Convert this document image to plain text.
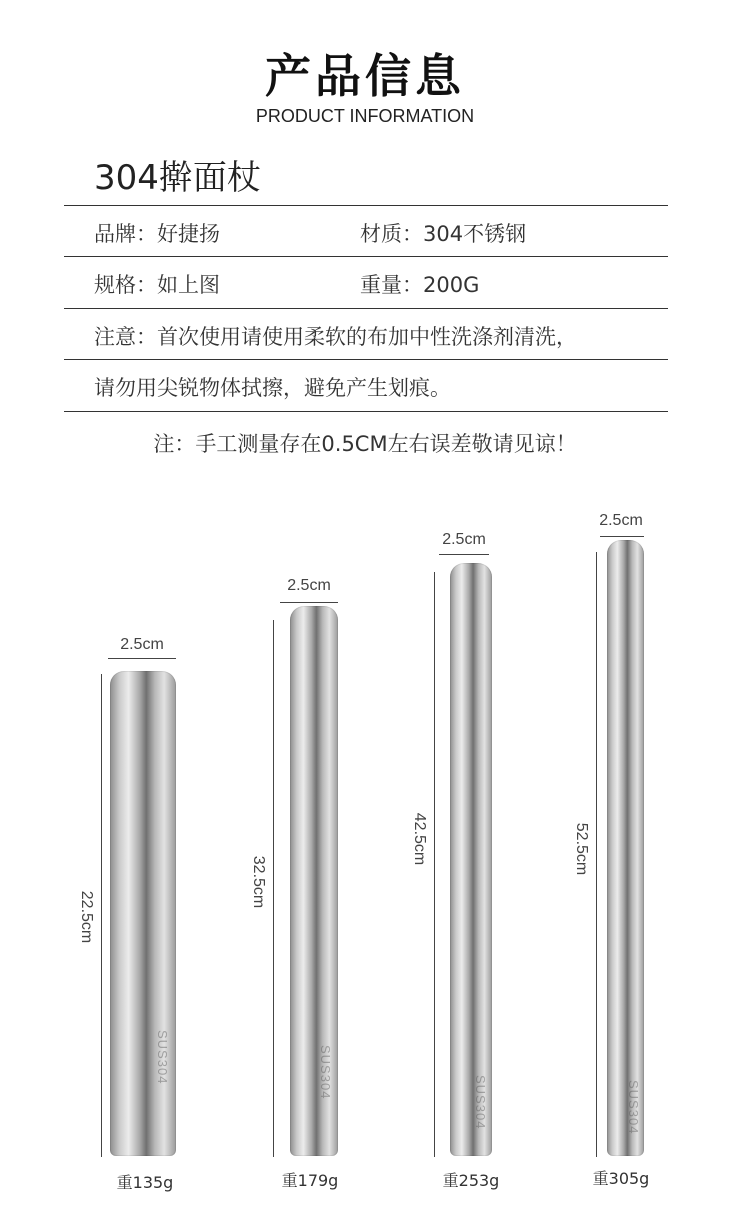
产品信息
PRODUCT INFORMATION
304擀面杖
品牌：好捷扬	材质：304不锈钢
规格：如上图	重量：200G
注意：首次使用请使用柔软的布加中性洗涤剂清洗，
请勿用尖锐物体拭擦，避免产生划痕。
注：手工测量存在0.5CM左右误差敬请见谅！
2.5cm
22.5cm
SUS304
重135g
2.5cm
32.5cm
SUS304
重179g
2.5cm
42.5cm
SUS304
重253g
2.5cm
52.5cm
SUS304
重305g
